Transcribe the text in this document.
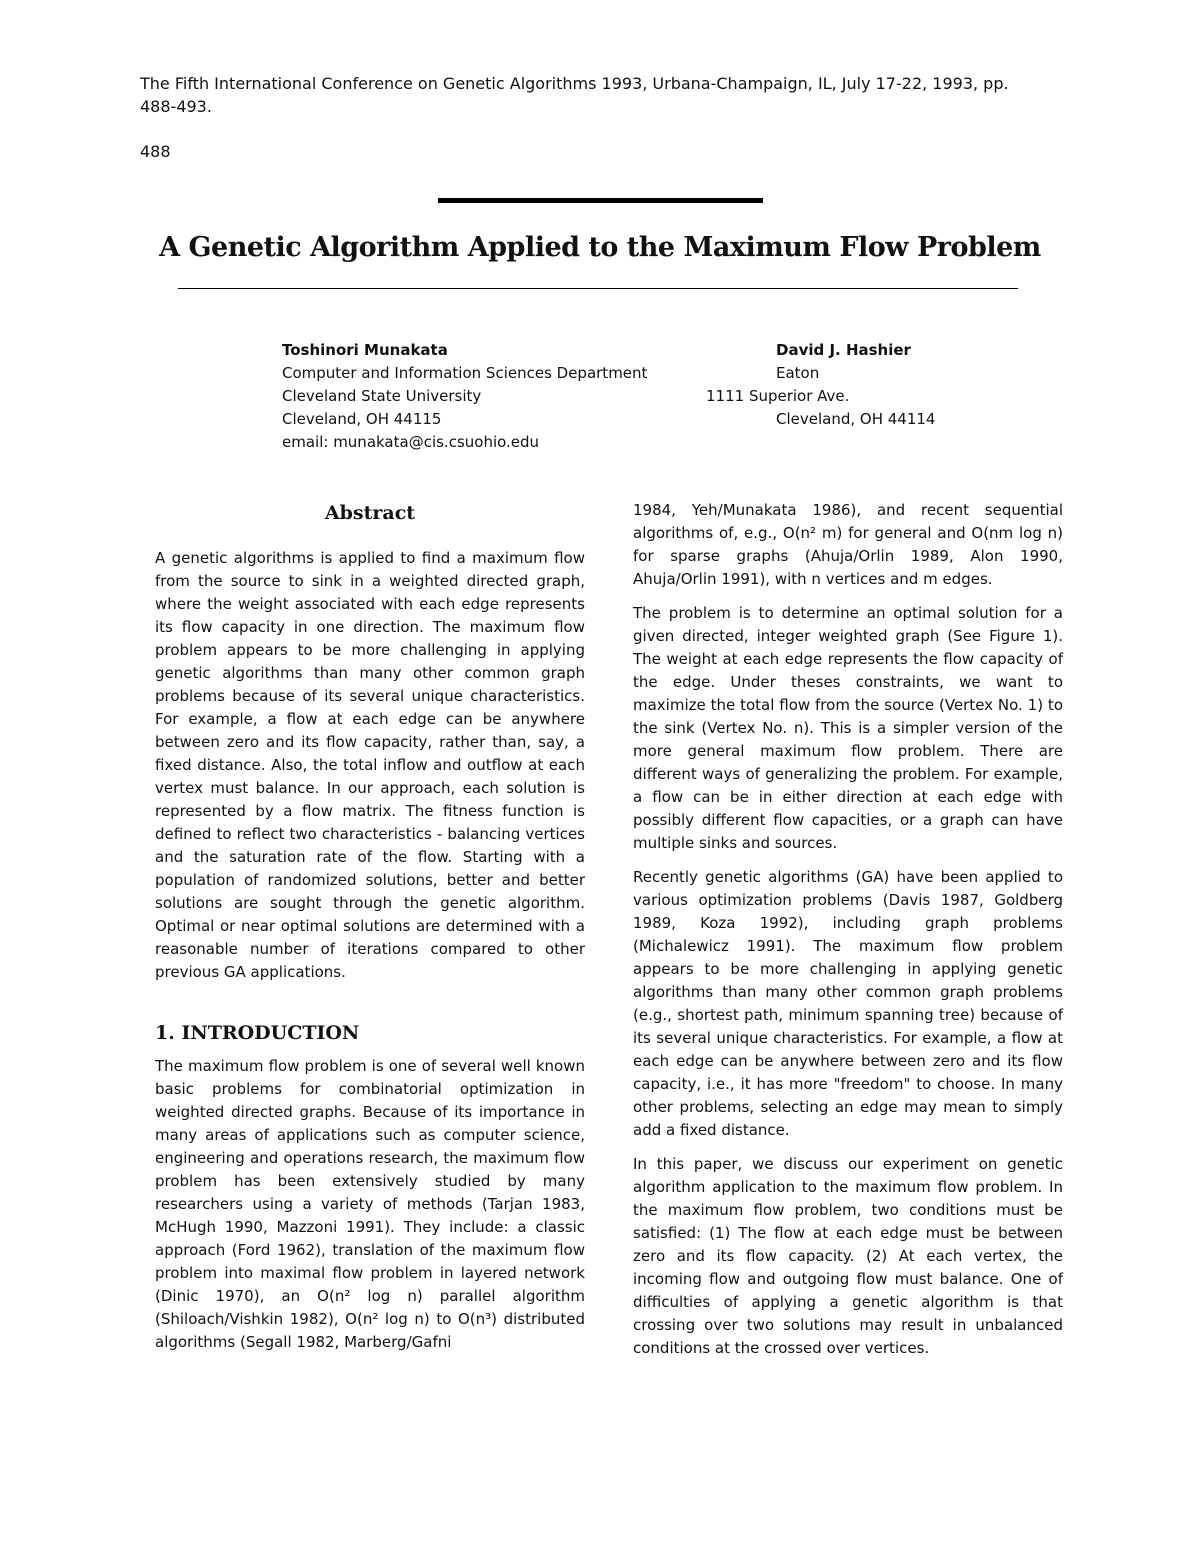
The Fifth International Conference on Genetic Algorithms 1993, Urbana-Champaign, IL, July 17-22, 1993, pp. 488-493.
488
A Genetic Algorithm Applied to the Maximum Flow Problem
Toshinori Munakata
Computer and Information Sciences Department
Cleveland State University
Cleveland, OH 44115
email: munakata@cis.csuohio.edu
David J. Hashier
Eaton
1111 Superior Ave.
Cleveland, OH 44114
Abstract

A genetic algorithms is applied to find a maximum flow from the source to sink in a weighted directed graph, where the weight associated with each edge represents its flow capacity in one direction. The maximum flow problem appears to be more challenging in applying genetic algorithms than many other common graph problems because of its several unique characteristics. For example, a flow at each edge can be anywhere between zero and its flow capacity, rather than, say, a fixed distance. Also, the total inflow and outflow at each vertex must balance. In our approach, each solution is represented by a flow matrix. The fitness function is defined to reflect two characteristics - balancing vertices and the saturation rate of the flow. Starting with a population of randomized solutions, better and better solutions are sought through the genetic algorithm. Optimal or near optimal solutions are determined with a reasonable number of iterations compared to other previous GA applications.

1. INTRODUCTION

The maximum flow problem is one of several well known basic problems for combinatorial optimization in weighted directed graphs. Because of its importance in many areas of applications such as computer science, engineering and operations research, the maximum flow problem has been extensively studied by many researchers using a variety of methods (Tarjan 1983, McHugh 1990, Mazzoni 1991). They include: a classic approach (Ford 1962), translation of the maximum flow problem into maximal flow problem in layered network (Dinic 1970), an O(n² log n) parallel algorithm (Shiloach/Vishkin 1982), O(n² log n) to O(n³) distributed algorithms (Segall 1982, Marberg/Gafni

1984, Yeh/Munakata 1986), and recent sequential algorithms of, e.g., O(n² m) for general and O(nm log n) for sparse graphs (Ahuja/Orlin 1989, Alon 1990, Ahuja/Orlin 1991), with n vertices and m edges.

The problem is to determine an optimal solution for a given directed, integer weighted graph (See Figure 1). The weight at each edge represents the flow capacity of the edge. Under theses constraints, we want to maximize the total flow from the source (Vertex No. 1) to the sink (Vertex No. n). This is a simpler version of the more general maximum flow problem. There are different ways of generalizing the problem. For example, a flow can be in either direction at each edge with possibly different flow capacities, or a graph can have multiple sinks and sources.

Recently genetic algorithms (GA) have been applied to various optimization problems (Davis 1987, Goldberg 1989, Koza 1992), including graph problems (Michalewicz 1991). The maximum flow problem appears to be more challenging in applying genetic algorithms than many other common graph problems (e.g., shortest path, minimum spanning tree) because of its several unique characteristics. For example, a flow at each edge can be anywhere between zero and its flow capacity, i.e., it has more "freedom" to choose. In many other problems, selecting an edge may mean to simply add a fixed distance.

In this paper, we discuss our experiment on genetic algorithm application to the maximum flow problem. In the maximum flow problem, two conditions must be satisfied: (1) The flow at each edge must be between zero and its flow capacity. (2) At each vertex, the incoming flow and outgoing flow must balance. One of difficulties of applying a genetic algorithm is that crossing over two solutions may result in unbalanced conditions at the crossed over vertices.
